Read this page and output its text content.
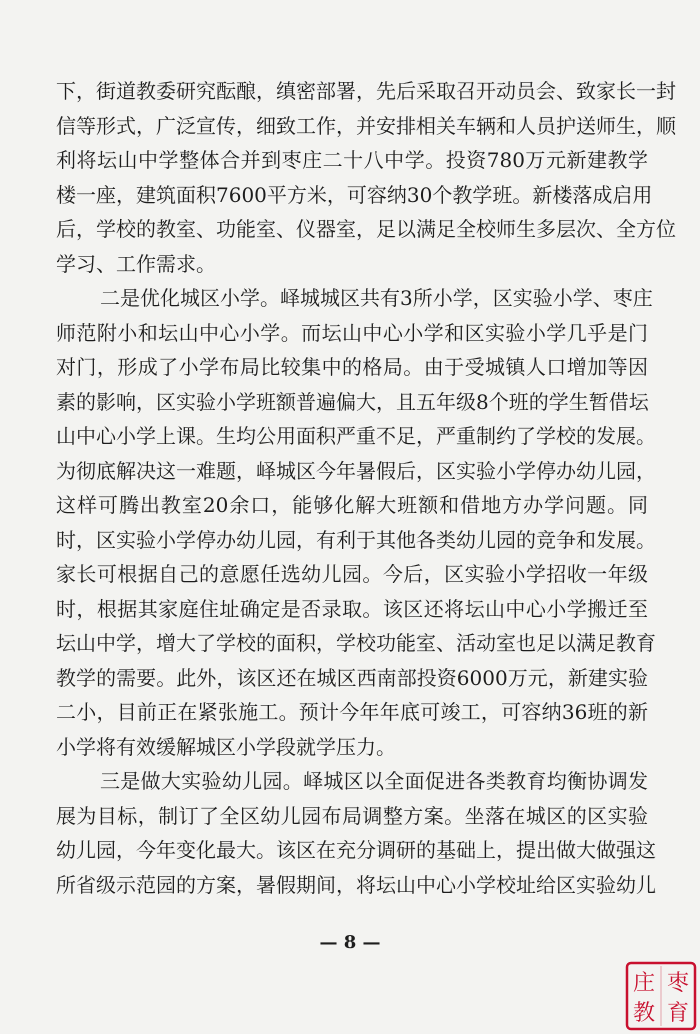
下，街道教委研究酝酿，缜密部署，先后采取召开动员会、致家长一封
信等形式，广泛宣传，细致工作，并安排相关车辆和人员护送师生，顺
利将坛山中学整体合并到枣庄二十八中学。投资780万元新建教学
楼一座，建筑面积7600平方米，可容纳30个教学班。新楼落成启用
后，学校的教室、功能室、仪器室，足以满足全校师生多层次、全方位
学习、工作需求。
二是优化城区小学。峄城城区共有3所小学，区实验小学、枣庄
师范附小和坛山中心小学。而坛山中心小学和区实验小学几乎是门
对门，形成了小学布局比较集中的格局。由于受城镇人口增加等因
素的影响，区实验小学班额普遍偏大，且五年级8个班的学生暂借坛
山中心小学上课。生均公用面积严重不足，严重制约了学校的发展。
为彻底解决这一难题，峄城区今年暑假后，区实验小学停办幼儿园，
这样可腾出教室20余口，能够化解大班额和借地方办学问题。同
时，区实验小学停办幼儿园，有利于其他各类幼儿园的竞争和发展。
家长可根据自己的意愿任选幼儿园。今后，区实验小学招收一年级
时，根据其家庭住址确定是否录取。该区还将坛山中心小学搬迁至
坛山中学，增大了学校的面积，学校功能室、活动室也足以满足教育
教学的需要。此外，该区还在城区西南部投资6000万元，新建实验
二小，目前正在紧张施工。预计今年年底可竣工，可容纳36班的新
小学将有效缓解城区小学段就学压力。
三是做大实验幼儿园。峄城区以全面促进各类教育均衡协调发
展为目标，制订了全区幼儿园布局调整方案。坐落在城区的区实验
幼儿园，今年变化最大。该区在充分调研的基础上，提出做大做强这
所省级示范园的方案，暑假期间，将坛山中心小学校址给区实验幼儿
— 8 —
枣
庄
教 育
